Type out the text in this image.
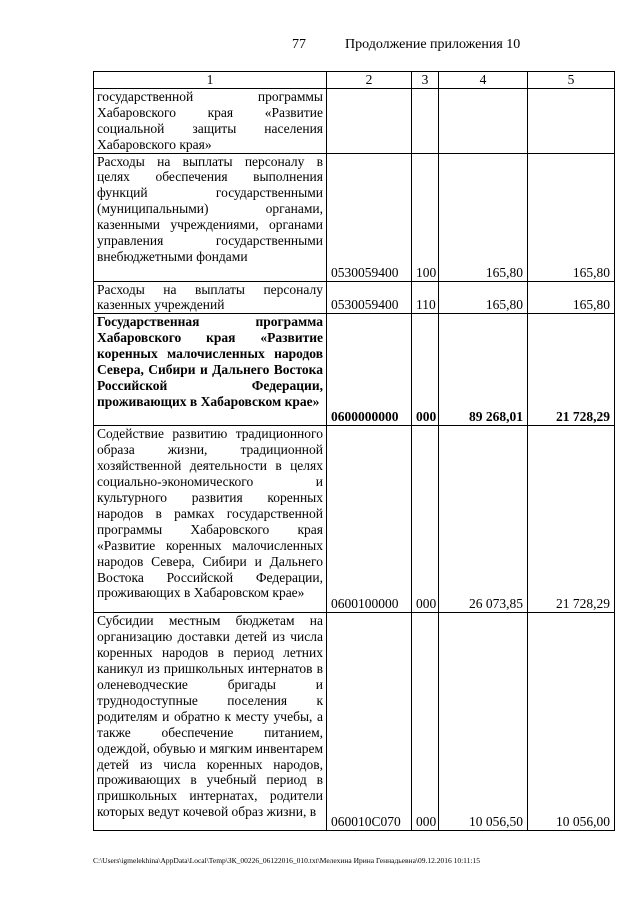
77	Продолжение приложения 10
1	2	3	4	5
государственной программы Хабаровского края «Развитие социальной защиты населения Хабаровского края»				
Расходы на выплаты персоналу в целях обеспечения выполнения функций государственными (муниципальными) органами, казенными учреждениями, органами управления государственными внебюджетными фондами	0530059400	100	165,80	165,80
Расходы на выплаты персоналу казенных учреждений	0530059400	110	165,80	165,80
Государственная программа Хабаровского края «Развитие коренных малочисленных народов Севера, Сибири и Дальнего Востока Российской Федерации, проживающих в Хабаровском крае»	0600000000	000	89 268,01	21 728,29
Содействие развитию традиционного образа жизни, традиционной хозяйственной деятельности в целях социально-экономического и культурного развития коренных народов в рамках государственной программы Хабаровского края «Развитие коренных малочисленных народов Севера, Сибири и Дальнего Востока Российской Федерации, проживающих в Хабаровском крае»	0600100000	000	26 073,85	21 728,29
Субсидии местным бюджетам на организацию доставки детей из числа коренных народов в период летних каникул из пришкольных интернатов в оленеводческие бригады и труднодоступные поселения к родителям и обратно к месту учебы, а также обеспечение питанием, одеждой, обувью и мягким инвентарем детей из числа коренных народов, проживающих в учебный период в пришкольных интернатах, родители которых ведут кочевой образ жизни, в	060010С070	000	10 056,50	10 056,00
C:\Users\igmelekhina\AppData\Local\Temp\ЗК_00226_06122016_010.txt\Мелехина Ирина Геннадьевна\09.12.2016 10:11:15
